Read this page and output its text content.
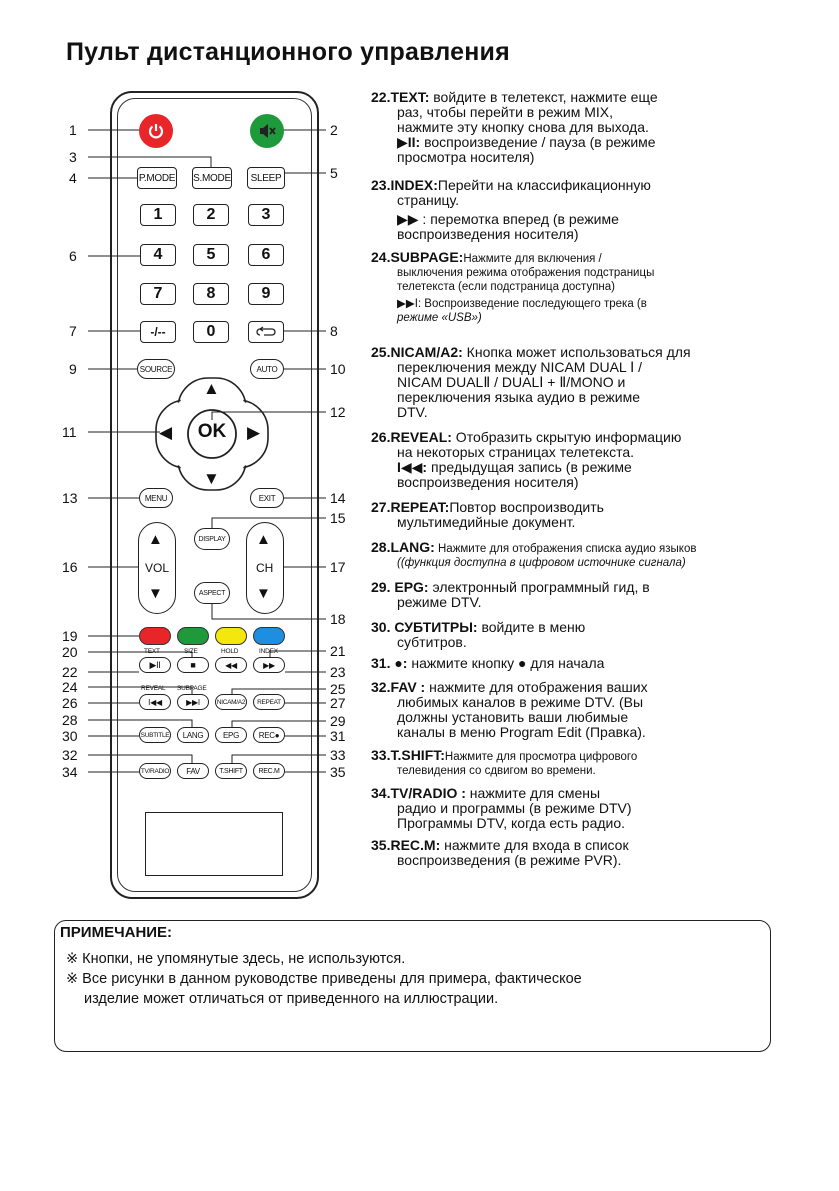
Пульт дистанционного управления
P.MODE S.MODE	SLEEP
1	2	3
4	5	6
7	8	9
-/--	0
SOURCE	AUTO
OK
▲
▼
◀	▶
MENU	EXIT
▲
VOL
▼
▲
CH
▼
DISPLAY
ASPECT
TEXT	SIZE	HOLD	INDEX
▶II	■	◀◀	▶▶
REVEAL SUBPAGE
I◀◀	▶▶I	NICAM/A2	REPEAT
SUBTITLE	LANG	EPG	REC●
TV/RADIO	FAV	T.SHIFT	REC.M
1
3
4
6
7
9
11
13
16
19
20
22
24
26
28
30
32
34
2
5
8
10
12
14
15
17
18
21
23
25
27
29
31
33
35
22.TEXT: войдите в телетекст, нажмите еще
раз, чтобы перейти в режим MIX,
нажмите эту кнопку снова для выхода.
▶II: воспроизведение / пауза (в режиме
просмотра носителя)
23.INDEX:Перейти на классификационную
страницу.
▶▶ : перемотка вперед (в режиме
воспроизведения носителя)
24.SUBPAGE:Нажмите для включения /
выключения режима отображения подстраницы
телетекста (если подстраница доступна)
▶▶I: Воспроизведение последующего трека (в
режиме «USB»)
25.NICAM/A2: Кнопка может использоваться для
переключения между NICAM DUAL Ⅰ /
NICAM DUALⅡ / DUALⅠ + Ⅱ/MONO и
переключения языка аудио в режиме
DTV.
26.REVEAL: Отобразить скрытую информацию
на некоторых страницах телетекста.
I◀◀: предыдущая запись (в режиме
воспроизведения носителя)
27.REPEAT:Повтор воспроизводить
мультимедийные документ.
28.LANG: Нажмите для отображения списка аудио языков
((функция доступна в цифровом источнике сигнала)
29. EPG: электронный программный гид, в
режиме DTV.
30. СУБТИТРЫ: войдите в меню
субтитров.
31. ●: нажмите кнопку ● для начала
32.FAV : нажмите для отображения ваших
любимых каналов в режиме DTV. (Вы
должны установить ваши любимые
каналы в меню Program Edit (Правка).
33.T.SHIFT:Нажмите для просмотра цифрового
телевидения со сдвигом во времени.
34.TV/RADIO : нажмите для смены
радио и программы (в режиме DTV)
Программы DTV, когда есть радио.
35.REC.M: нажмите для входа в список
воспроизведения (в режиме PVR).
ПРИМЕЧАНИЕ:
※ Кнопки, не упомянутые здесь, не используются.
※ Все рисунки в данном руководстве приведены для примера, фактическое
изделие может отличаться от приведенного на иллюстрации.
